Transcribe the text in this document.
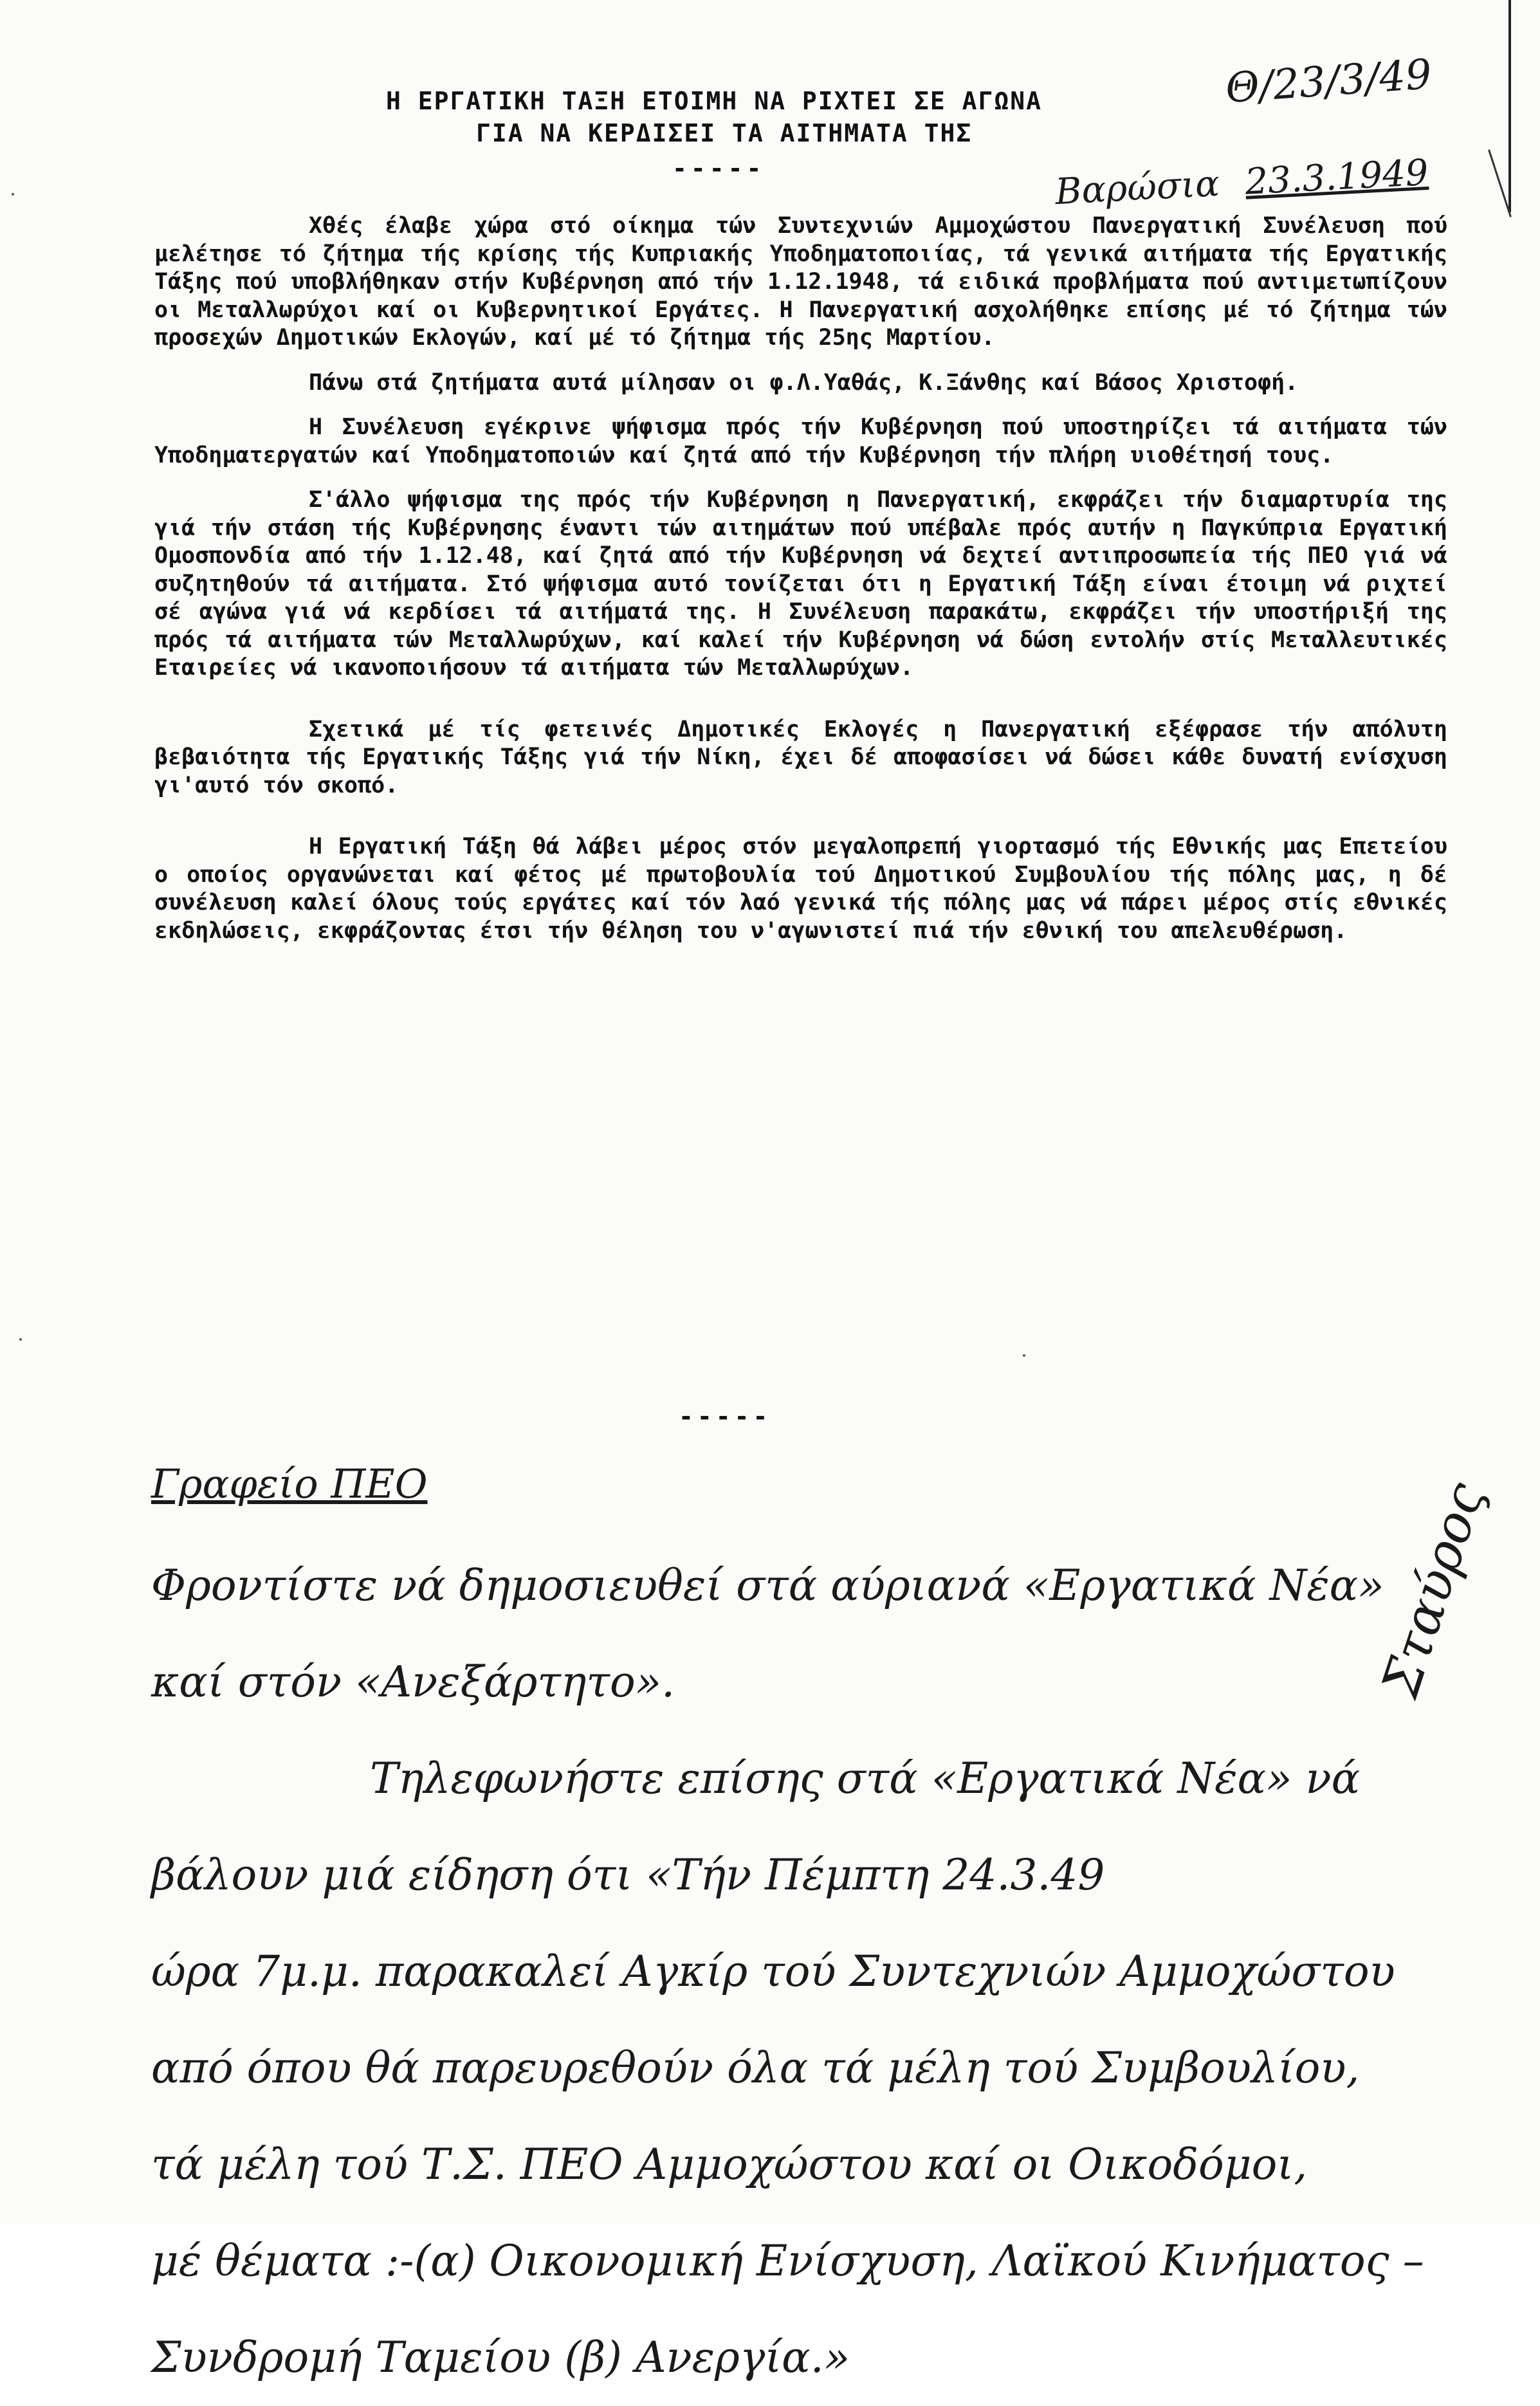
Η ΕΡΓΑΤΙΚΗ ΤΑΞΗ ΕΤΟΙΜΗ ΝΑ ΡΙΧΤΕΙ ΣΕ ΑΓΩΝΑ
ΓΙΑ ΝΑ ΚΕΡΔΙΣΕΙ ΤΑ ΑΙΤΗΜΑΤΑ ΤΗΣ
-----
Θ/23/3/49
Βαρώσια 23.3.1949

Χθές έλαβε χώρα στό οίκημα τών Συντεχνιών Αμμοχώστου Πανεργατική Συνέλευση πού μελέτησε τό ζήτημα τής κρίσης τής Κυπριακής Υποδηματοποιίας, τά γενικά αιτήματα τής Εργατικής Τάξης πού υποβλήθηκαν στήν Κυβέρνηση από τήν 1.12.1948, τά ειδικά προβλήματα πού αντιμετωπίζουν οι Μεταλλωρύχοι καί οι Κυβερνητικοί Εργάτες. Η Πανεργατική ασχολήθηκε επίσης μέ τό ζήτημα τών προσεχών Δημοτικών Εκλογών, καί μέ τό ζήτημα τής 25ης Μαρτίου.

Πάνω στά ζητήματα αυτά μίλησαν οι φ.Λ.Υαθάς, Κ.Ξάνθης καί Βάσος Χριστοφή.

Η Συνέλευση εγέκρινε ψήφισμα πρός τήν Κυβέρνηση πού υποστηρίζει τά αιτήματα τών Υποδηματεργατών καί Υποδηματοποιών καί ζητά από τήν Κυβέρνηση τήν πλήρη υιοθέτησή τους.

Σ'άλλο ψήφισμα της πρός τήν Κυβέρνηση η Πανεργατική, εκφράζει τήν διαμαρτυρία της γιά τήν στάση τής Κυβέρνησης έναντι τών αιτημάτων πού υπέβαλε πρός αυτήν η Παγκύπρια Εργατική Ομοσπονδία από τήν 1.12.48, καί ζητά από τήν Κυβέρνηση νά δεχτεί αντιπροσωπεία τής ΠΕΟ γιά νά συζητηθούν τά αιτήματα. Στό ψήφισμα αυτό τονίζεται ότι η Εργατική Τάξη είναι έτοιμη νά ριχτεί σέ αγώνα γιά νά κερδίσει τά αιτήματά της. Η Συνέλευση παρακάτω, εκφράζει τήν υποστήριξή της πρός τά αιτήματα τών Μεταλλωρύχων, καί καλεί τήν Κυβέρνηση νά δώση εντολήν στίς Μεταλλευτικές Εταιρείες νά ικανοποιήσουν τά αιτήματα τών Μεταλλωρύχων.

Σχετικά μέ τίς φετεινές Δημοτικές Εκλογές η Πανεργατική εξέφρασε τήν απόλυτη βεβαιότητα τής Εργατικής Τάξης γιά τήν Νίκη, έχει δέ αποφασίσει νά δώσει κάθε δυνατή ενίσχυση γι'αυτό τόν σκοπό.

Η Εργατική Τάξη θά λάβει μέρος στόν μεγαλοπρεπή γιορτασμό τής Εθνικής μας Επετείου ο οποίος οργανώνεται καί φέτος μέ πρωτοβουλία τού Δημοτικού Συμβουλίου τής πόλης μας, η δέ συνέλευση καλεί όλους τούς εργάτες καί τόν λαό γενικά τής πόλης μας νά πάρει μέρος στίς εθνικές εκδηλώσεις, εκφράζοντας έτσι τήν θέληση του ν'αγωνιστεί πιά τήν εθνική του απελευθέρωση.

-----
Γραφείο ΠΕΟ

Φροντίστε νά δημοσιευθεί στά αύριανά «Εργατικά Νέα»

καί στόν «Ανεξάρτητο».

Τηλεφωνήστε επίσης στά «Εργατικά Νέα» νά

βάλουν μιά είδηση ότι «Τήν Πέμπτη 24.3.49

ώρα 7μ.μ. παρακαλεί Αγκίρ τού Συντεχνιών Αμμοχώστου

από όπου θά παρευρεθούν όλα τά μέλη τού Συμβουλίου,

τά μέλη τού Τ.Σ. ΠΕΟ Αμμοχώστου καί οι Οικοδόμοι,

μέ θέματα :-(α) Οικονομική Ενίσχυση, Λαϊκού Κινήματος – Συνδρομή Ταμείου (β) Ανεργία.»

Σταύρος
